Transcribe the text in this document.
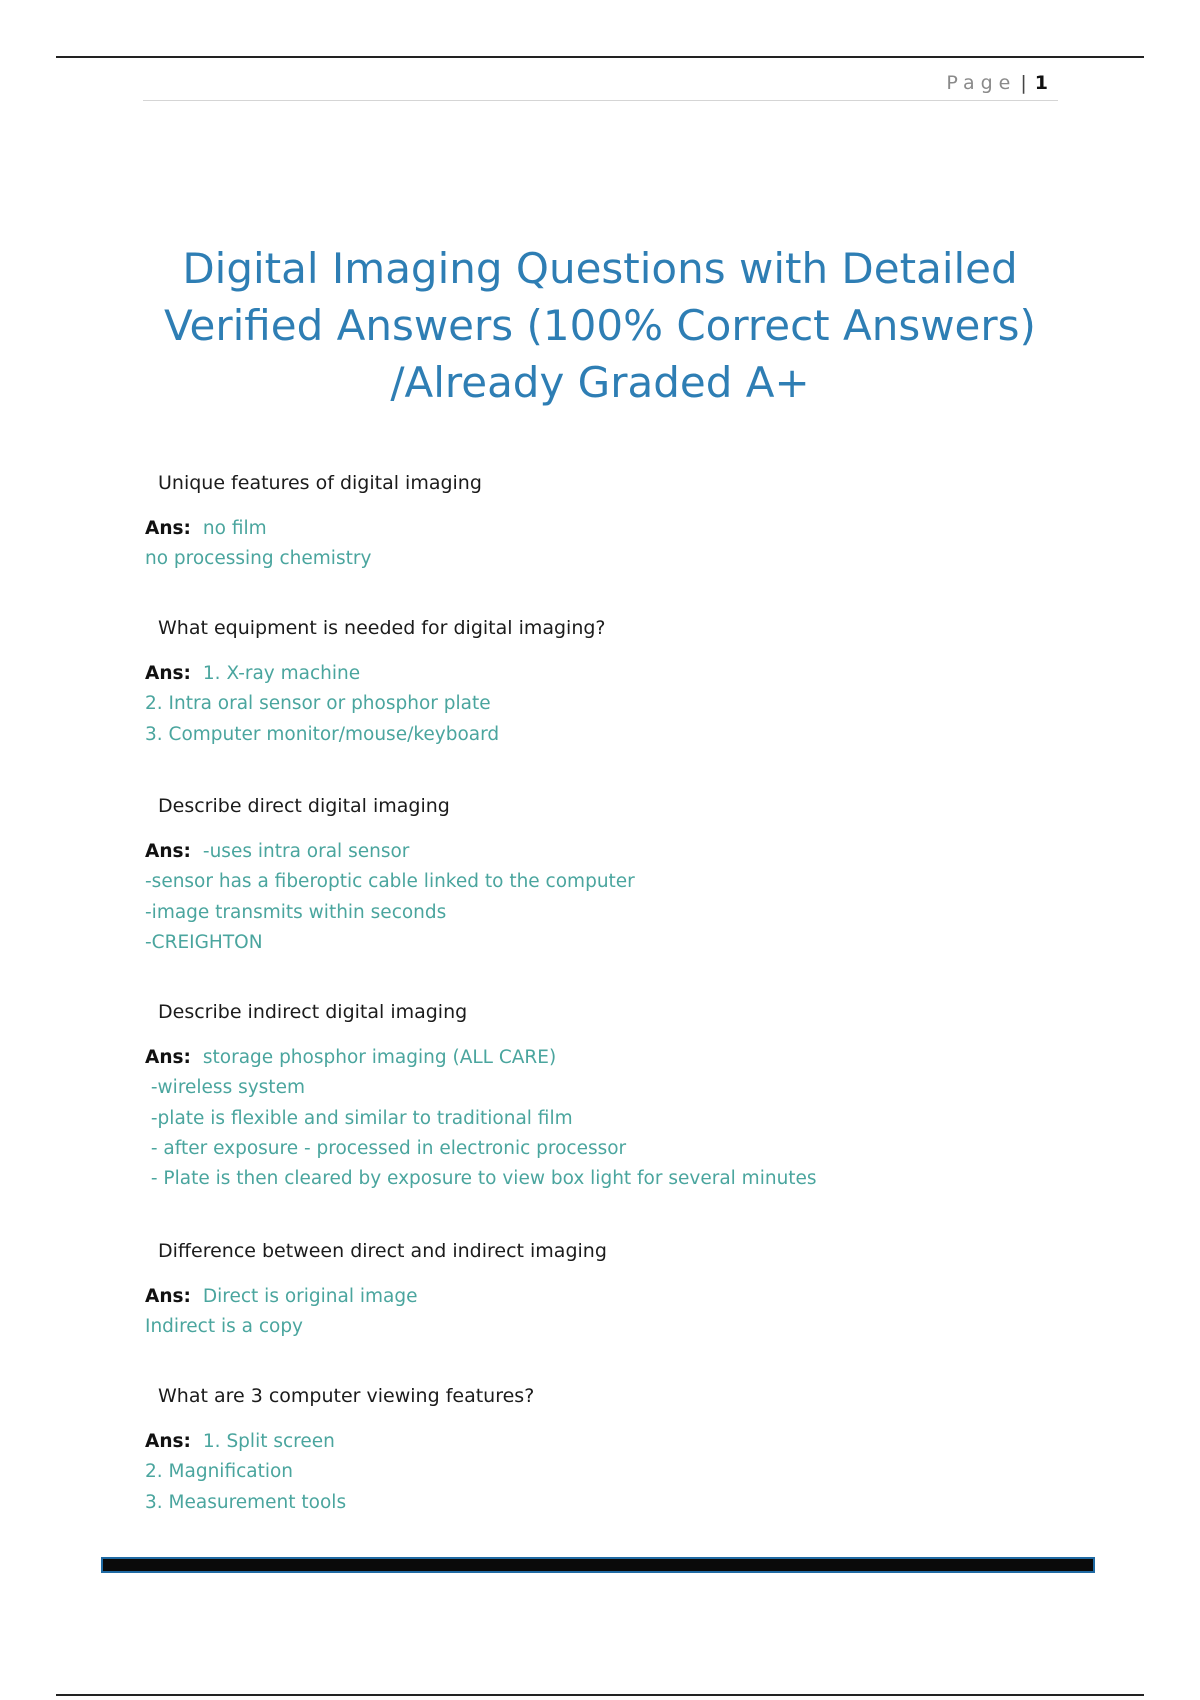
Page | 1
Digital Imaging Questions with Detailed
Verified Answers (100% Correct Answers)
/Already Graded A+
Unique features of digital imaging
Ans: no film
no processing chemistry
What equipment is needed for digital imaging?
Ans: 1. X-ray machine
2. Intra oral sensor or phosphor plate
3. Computer monitor/mouse/keyboard
Describe direct digital imaging
Ans: -uses intra oral sensor
-sensor has a fiberoptic cable linked to the computer
-image transmits within seconds
-CREIGHTON
Describe indirect digital imaging
Ans: storage phosphor imaging (ALL CARE)
-wireless system
-plate is flexible and similar to traditional film
- after exposure - processed in electronic processor
- Plate is then cleared by exposure to view box light for several minutes
Difference between direct and indirect imaging
Ans: Direct is original image
Indirect is a copy
What are 3 computer viewing features?
Ans: 1. Split screen
2. Magnification
3. Measurement tools
